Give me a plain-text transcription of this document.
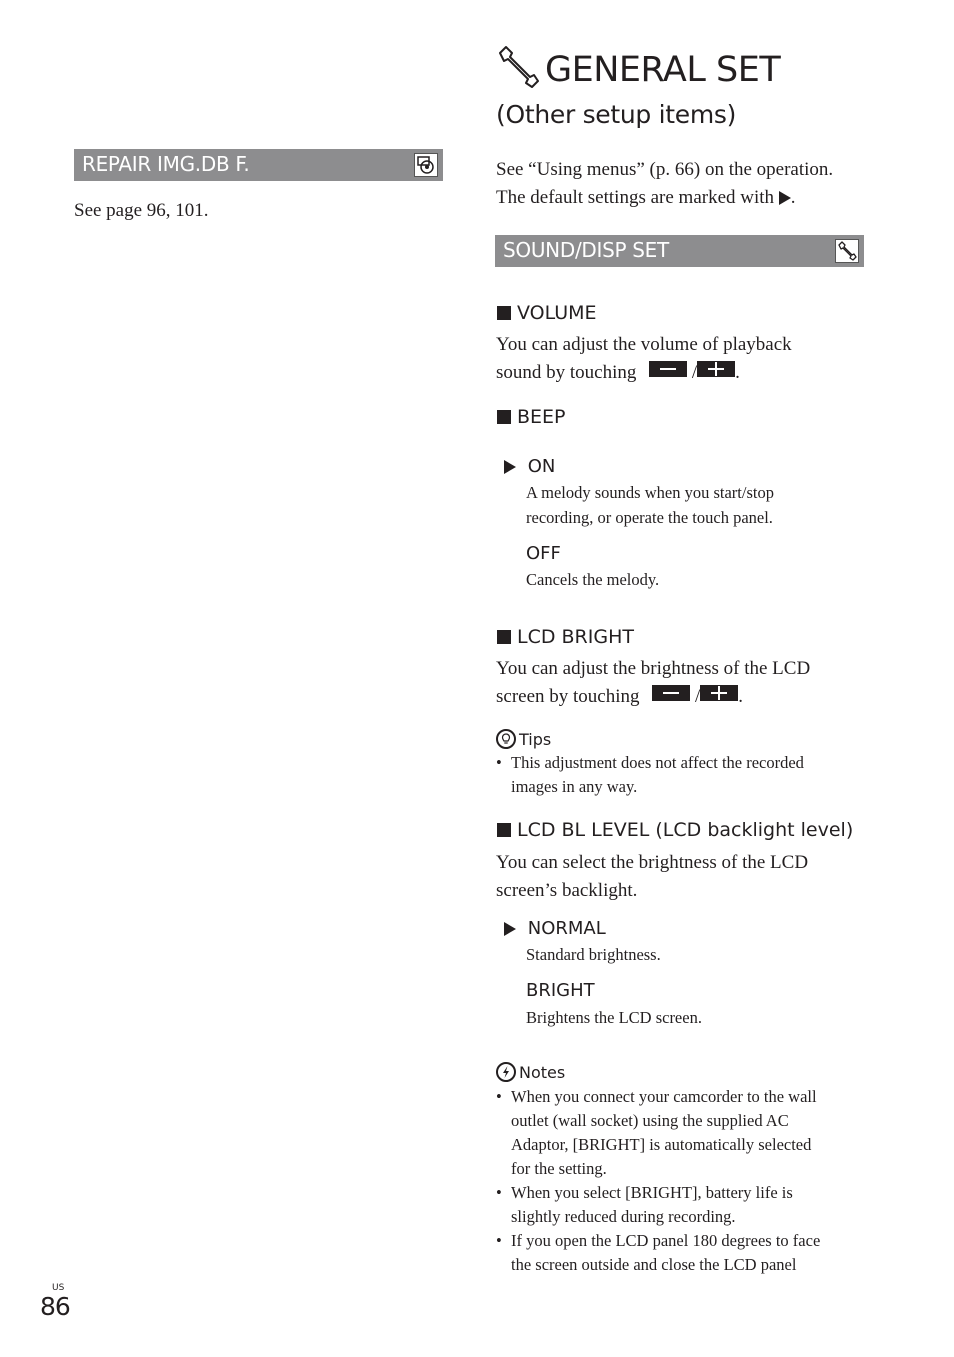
REPAIR IMG.DB F.
See page 96, 101.
GENERAL SET
(Other setup items)
See “Using menus” (p. 66) on the operation.
The default settings are marked with .
SOUND/DISP SET
VOLUME
You can adjust the volume of playback
sound by touching	/ .
BEEP
ON
A melody sounds when you start/stop
recording, or operate the touch panel.
OFF
Cancels the melody.
LCD BRIGHT
You can adjust the brightness of the LCD
screen by touching	/ .
Tips
• This adjustment does not affect the recorded
images in any way.
LCD BL LEVEL (LCD backlight level)
You can select the brightness of the LCD
screen’s backlight.
NORMAL
Standard brightness.
BRIGHT
Brightens the LCD screen.
Notes
• When you connect your camcorder to the wall
outlet (wall socket) using the supplied AC
Adaptor, [BRIGHT] is automatically selected
for the setting.
• When you select [BRIGHT], battery life is
slightly reduced during recording.
• If you open the LCD panel 180 degrees to face
the screen outside and close the LCD panel
US
86
